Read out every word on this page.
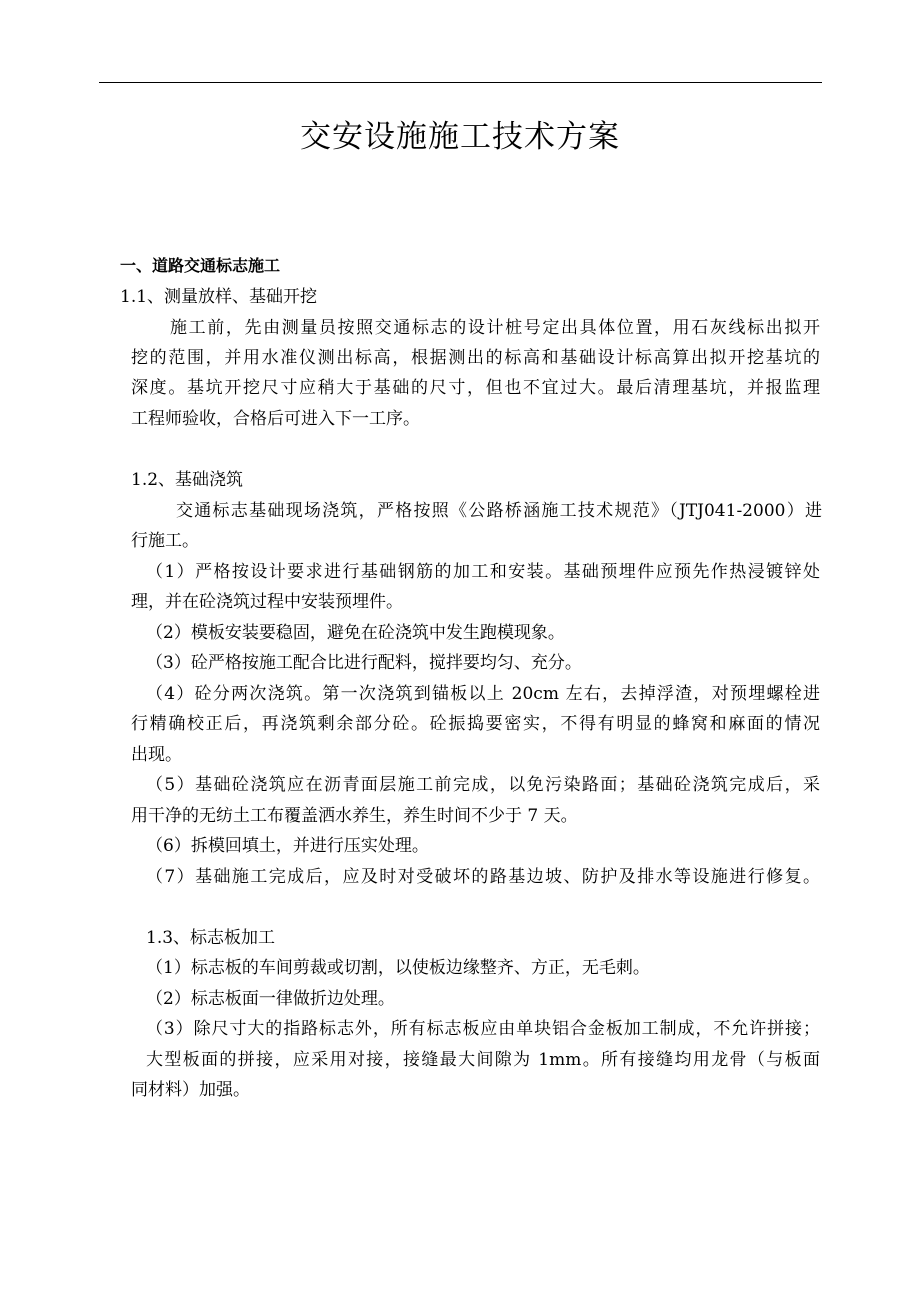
交安设施施工技术方案
一、道路交通标志施工
1.1、测量放样、基础开挖
施工前，先由测量员按照交通标志的设计桩号定出具体位置，用石灰线标出拟开
挖的范围，并用水准仪测出标高，根据测出的标高和基础设计标高算出拟开挖基坑的
深度。基坑开挖尺寸应稍大于基础的尺寸，但也不宜过大。最后清理基坑，并报监理
工程师验收，合格后可进入下一工序。
1.2、基础浇筑
交通标志基础现场浇筑，严格按照《公路桥涵施工技术规范》（JTJ041-2000）进
行施工。
（1）严格按设计要求进行基础钢筋的加工和安装。基础预埋件应预先作热浸镀锌处
理，并在砼浇筑过程中安装预埋件。
（2）模板安装要稳固，避免在砼浇筑中发生跑模现象。
（3）砼严格按施工配合比进行配料，搅拌要均匀、充分。
（4）砼分两次浇筑。第一次浇筑到锚板以上 20cm 左右，去掉浮渣，对预埋螺栓进
行精确校正后，再浇筑剩余部分砼。砼振捣要密实，不得有明显的蜂窝和麻面的情况
出现。
（5）基础砼浇筑应在沥青面层施工前完成，以免污染路面；基础砼浇筑完成后，采
用干净的无纺土工布覆盖洒水养生，养生时间不少于 7 天。
（6）拆模回填土，并进行压实处理。
（7）基础施工完成后，应及时对受破坏的路基边坡、防护及排水等设施进行修复。
1.3、标志板加工
（1）标志板的车间剪裁或切割，以使板边缘整齐、方正，无毛刺。
（2）标志板面一律做折边处理。
（3）除尺寸大的指路标志外，所有标志板应由单块铝合金板加工制成，不允许拼接；
大型板面的拼接，应采用对接，接缝最大间隙为 1mm。所有接缝均用龙骨（与板面
同材料）加强。
